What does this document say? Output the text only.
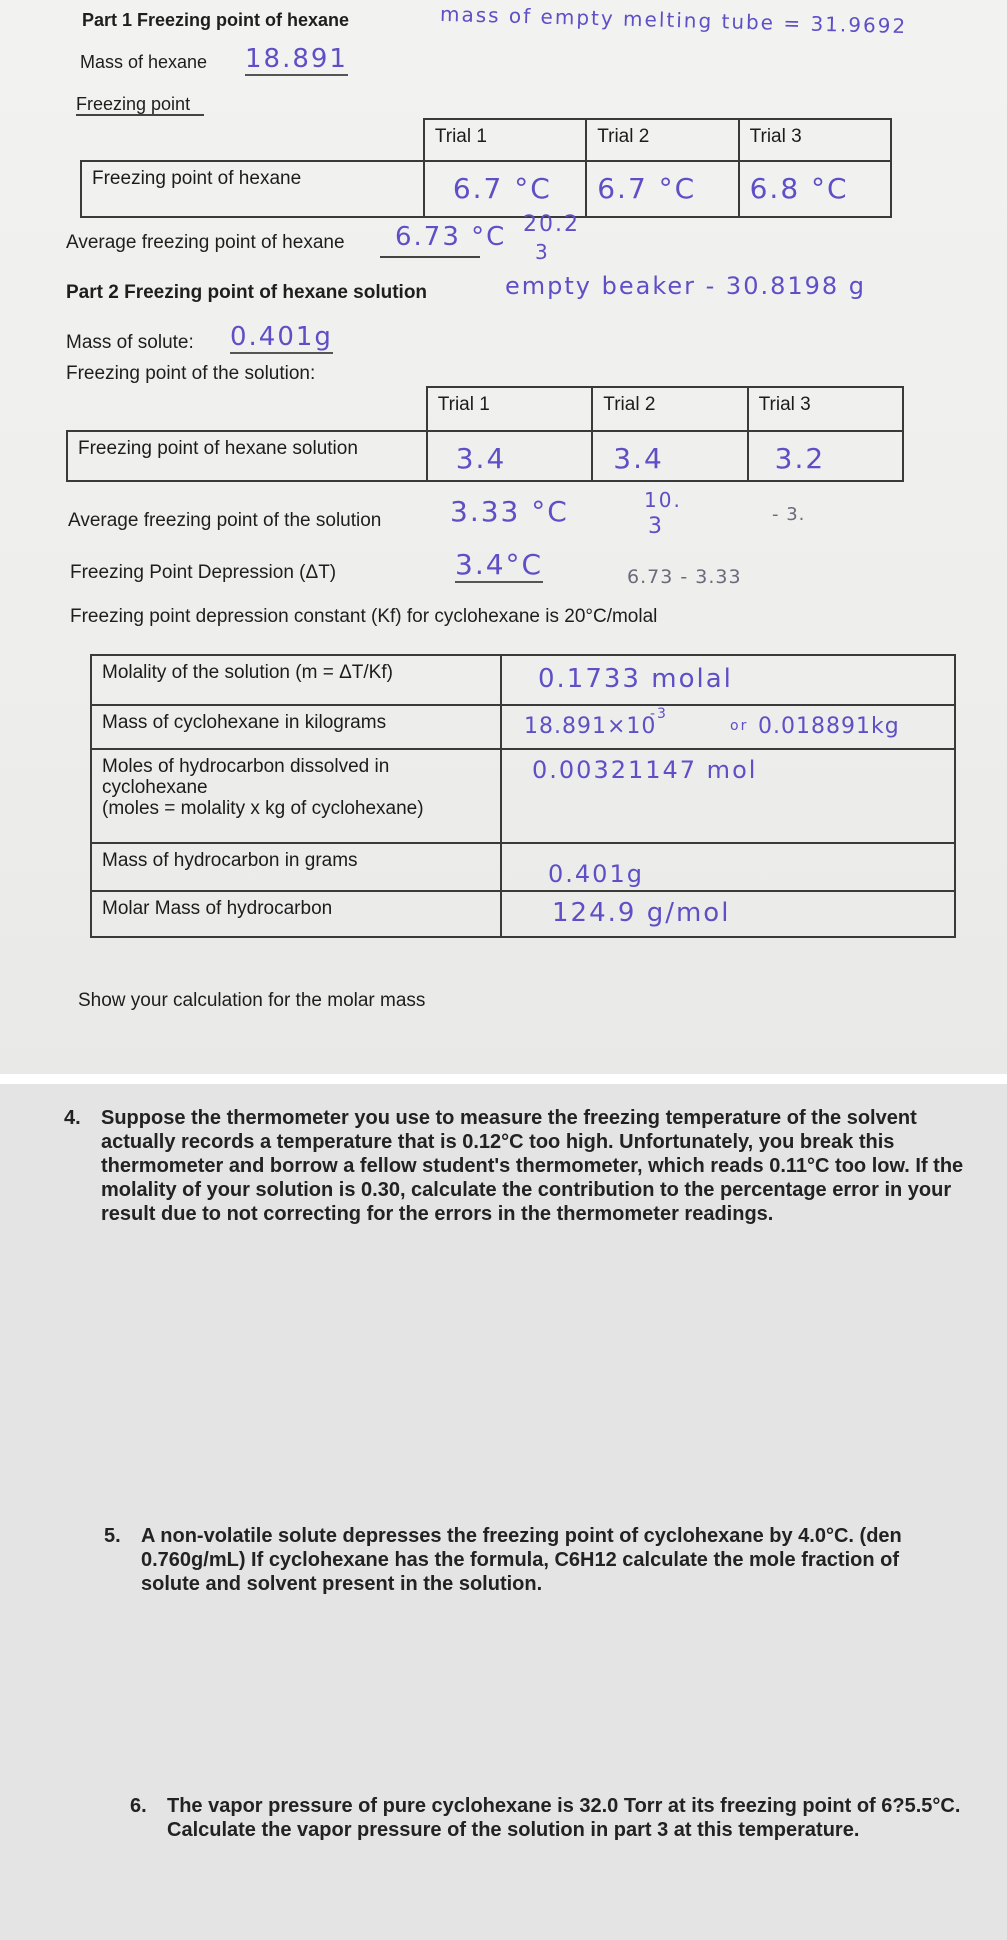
Part 1 Freezing point of hexane	mass of empty melting tube = 31.9692
Mass of hexane 18.891
Freezing point

	Trial 1	Trial 2	Trial 3

Freezing point of hexane	6.7 °C	6.7 °C	6.8 °C
Average freezing point of hexane 6.73 °C 20.2
3
Part 2 Freezing point of hexane solution	empty beaker - 30.8198 g
Mass of solute: 0.401g
Freezing point of the solution:

	Trial 1	Trial 2	Trial 3

Freezing point of hexane solution	3.4	3.4	3.2
Average freezing point of the solution 3.33 °C	10.
3	- 3.
Freezing Point Depression (ΔT)	3.4°C	6.73 - 3.33
Freezing point depression constant (Kf) for cyclohexane is 20°C/molal
Molality of the solution (m = ΔT/Kf)	0.1733 molal

Mass of cyclohexane in kilograms	18.891×10
-3
or 0.018891kg

Moles of hydrocarbon dissolved in
cyclohexane
(moles = molality x kg of cyclohexane)	0.00321147 mol

Mass of hydrocarbon in grams	0.401g

Molar Mass of hydrocarbon	124.9 g/mol
Show your calculation for the molar mass
4. Suppose the thermometer you use to measure the freezing temperature of the solvent actually records a temperature that is 0.12°C too high. Unfortunately, you break this thermometer and borrow a fellow student's thermometer, which reads 0.11°C too low. If the molality of your solution is 0.30, calculate the contribution to the percentage error in your result due to not correcting for the errors in the thermometer readings.
5. A non-volatile solute depresses the freezing point of cyclohexane by 4.0°C. (den 0.760g/mL) If cyclohexane has the formula, C6H12 calculate the mole fraction of solute and solvent present in the solution.
6. The vapor pressure of pure cyclohexane is 32.0 Torr at its freezing point of 6?5.5°C. Calculate the vapor pressure of the solution in part 3 at this temperature.
